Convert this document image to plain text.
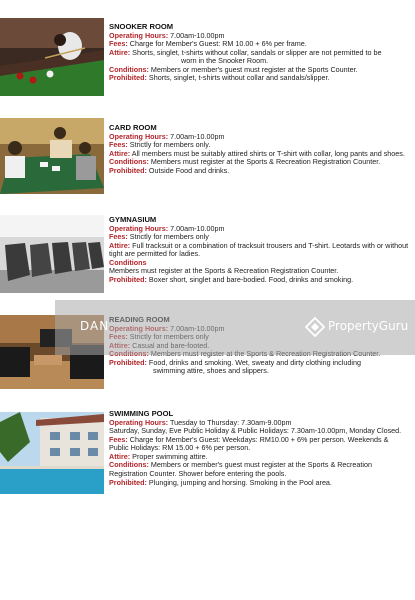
SNOOKER ROOM
Operating Hours: 7.00am-10.00pm
Fees: Charge for Member's Guest: RM 10.00 + 6% per frame.
Attire: Shorts, singlet, t-shirts without collar, sandals or slipper are not permitted to be
worn in the Snooker Room.
Conditions: Members or member's guest must register at the Sports Counter.
Prohibited: Shorts, singlet, t-shirts without collar and sandals/slipper.
CARD ROOM
Operating Hours: 7.00am-10.00pm
Fees: Strictly for members only.
Attire: All members must be suitably attired shirts or T-shirt with collar, long pants and shoes.
Conditions: Members must register at the Sports & Recreation Registration Counter.
Prohibited: Outside Food and drinks.
GYMNASIUM
Operating Hours: 7.00am-10.00pm
Fees: Strictly for members only
Attire: Full tracksuit or a combination of tracksuit trousers and T-shirt. Leotards with or without tight are permitted for ladies.
Conditions
Members must register at the Sports & Recreation Registration Counter.
Prohibited: Boxer short, singlet and bare-bodied. Food, drinks and smoking.
Prohibited: Food, drinks and smoking. Wet, sweaty and dirty clothing including
swimming attire, shoes and slippers.
SWIMMING POOL
Operating Hours: Tuesday to Thursday: 7.30am-9.00pm
Saturday, Sunday, Eve Public Holiday & Public Holidays: 7.30am-10.00pm, Monday Closed.
Fees: Charge for Member's Guest: Weekdays: RM10.00 + 6% per person. Weekends & Public Holidays: RM 15.00 + 6% per person.
Attire: Proper swimming attire.
Conditions: Members or member's guest must register at the Sports & Recreation Registration Counter. Shower before entering the pools.
Prohibited: Plunging, jumping and horsing. Smoking in the Pool area.
DAN	PropertyGuru
